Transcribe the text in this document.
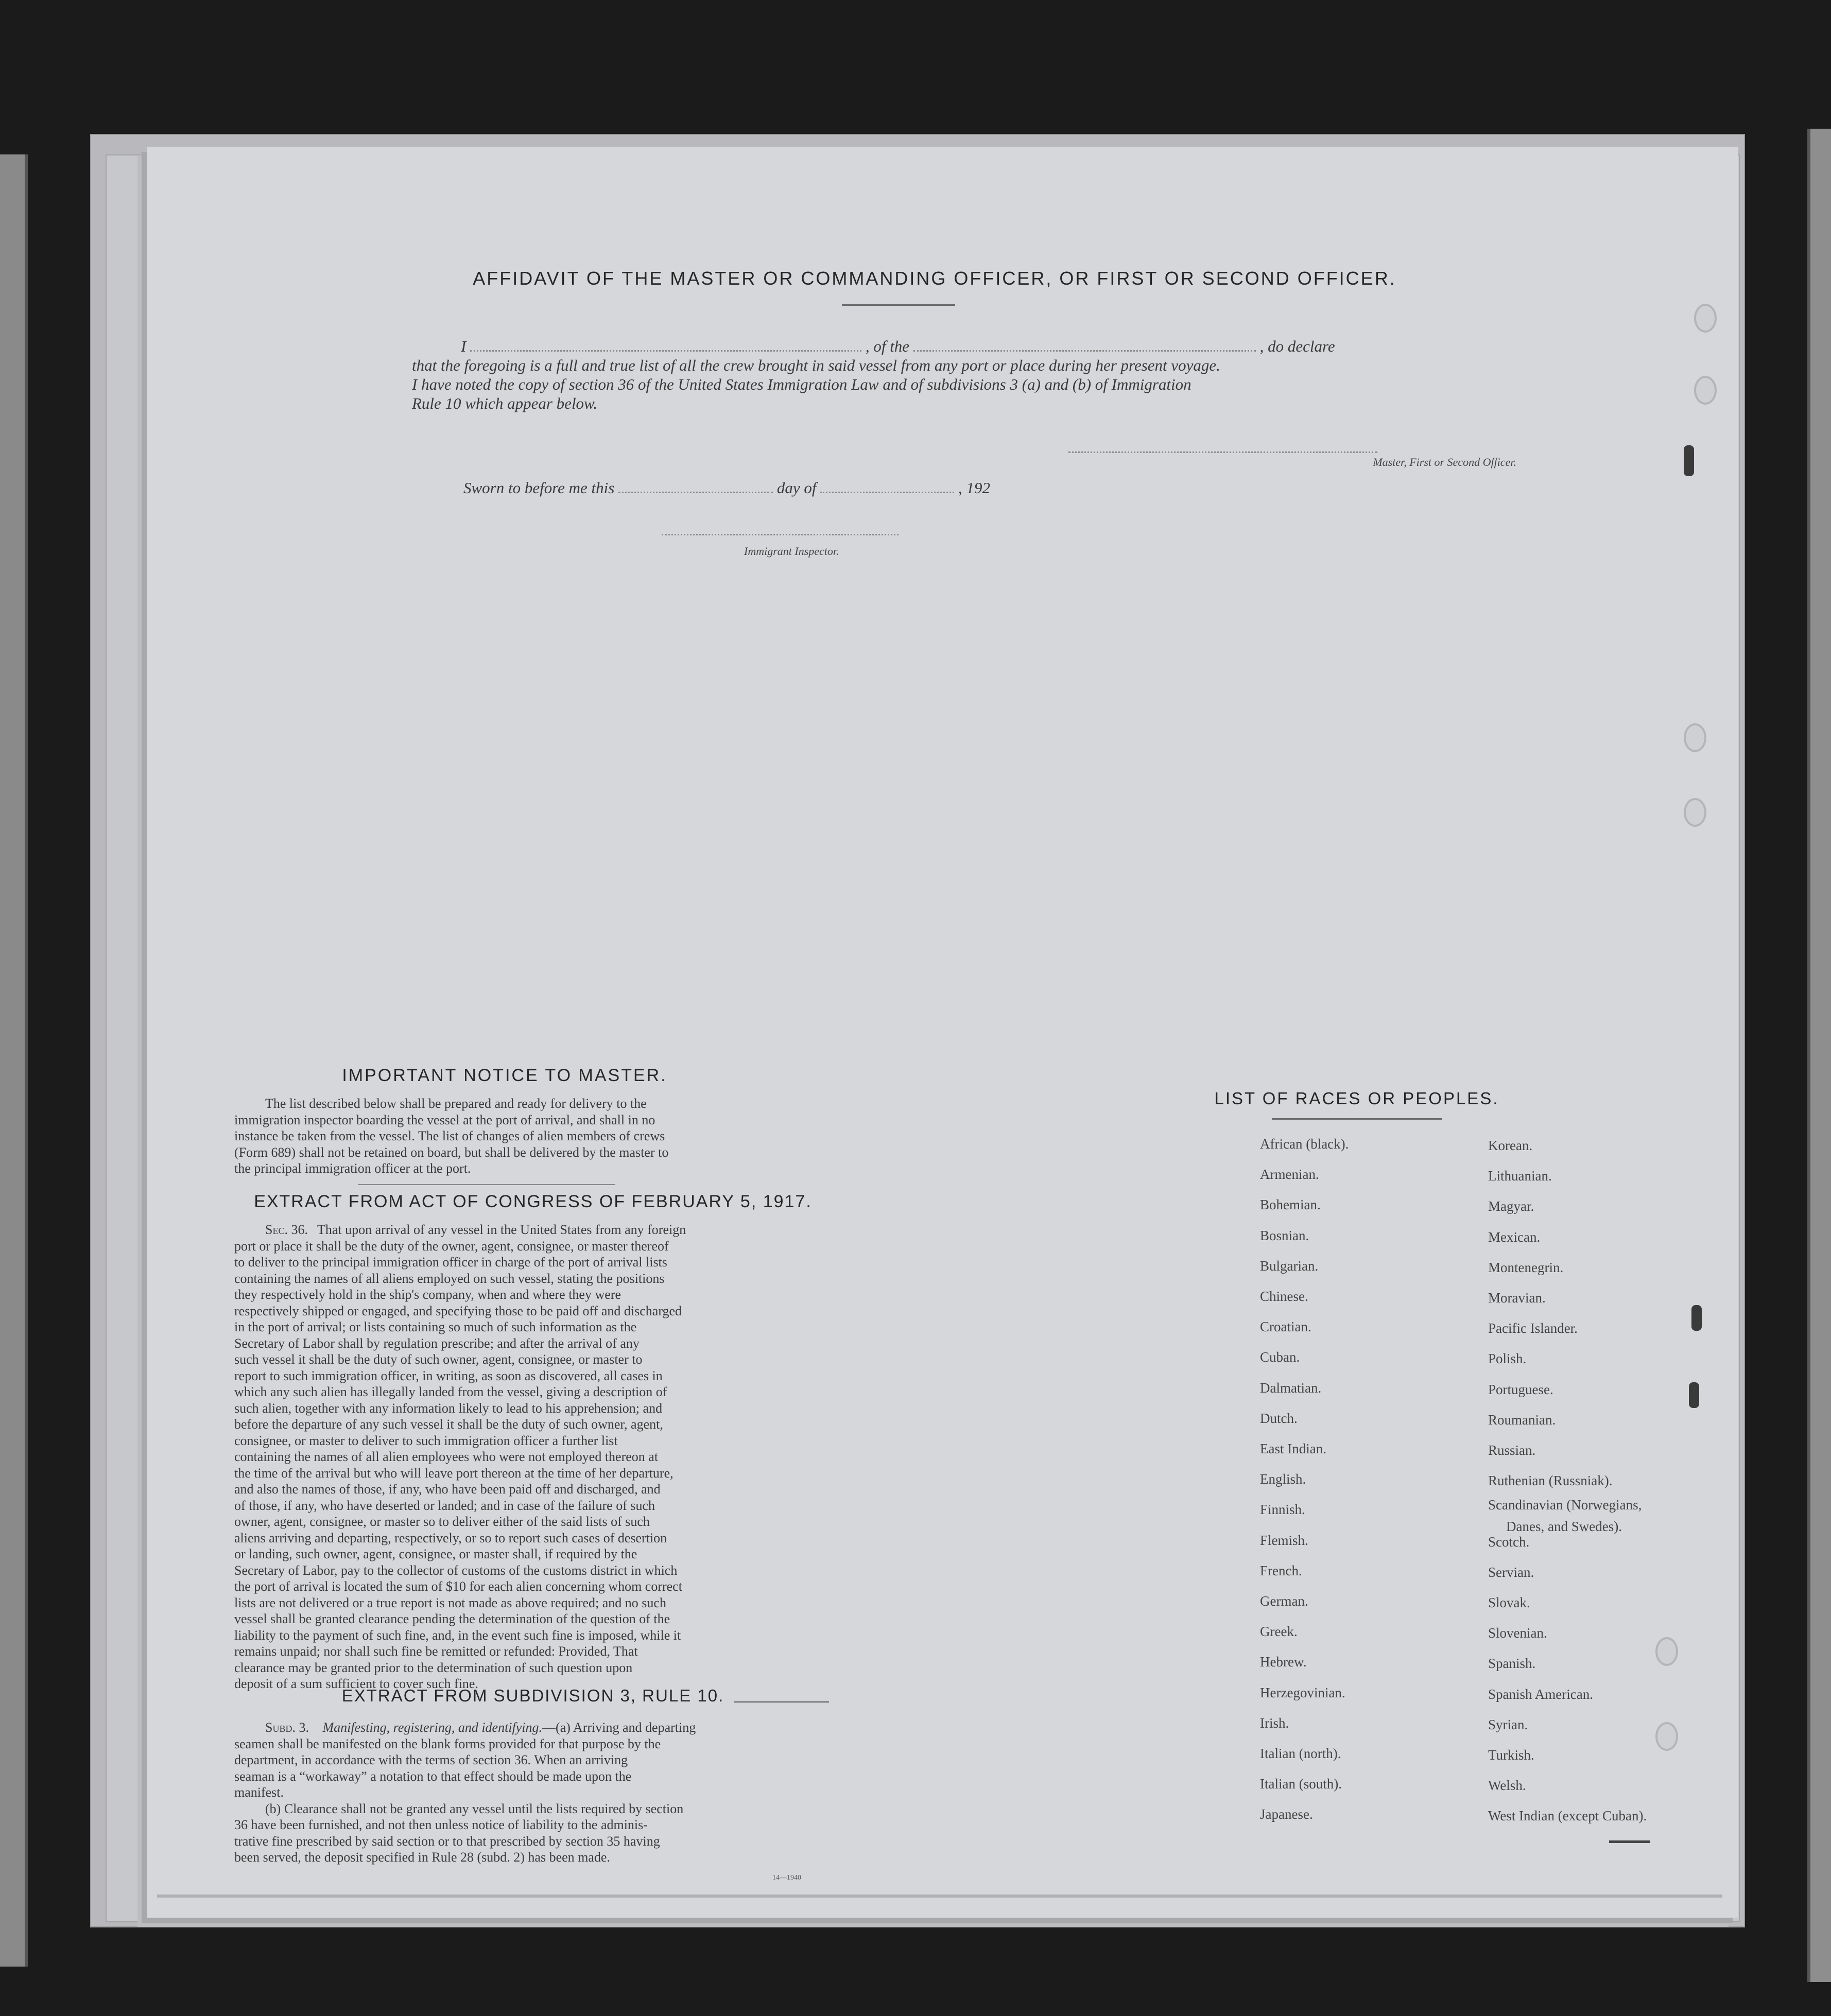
AFFIDAVIT OF THE MASTER OR COMMANDING OFFICER, OR FIRST OR SECOND OFFICER.
I	, of the	, do declare
that the foregoing is a full and true list of all the crew brought in said vessel from any port or place during her present voyage.
I have noted the copy of section 36 of the United States Immigration Law and of subdivisions 3 (a) and (b) of Immigration
Rule 10 which appear below.
Master, First or Second Officer.
Sworn to before me this	day of	, 192
Immigrant Inspector.
IMPORTANT NOTICE TO MASTER.
The list described below shall be prepared and ready for delivery to the
immigration inspector boarding the vessel at the port of arrival, and shall in no
instance be taken from the vessel. The list of changes of alien members of crews
(Form 689) shall not be retained on board, but shall be delivered by the master to
the principal immigration officer at the port.
EXTRACT FROM ACT OF CONGRESS OF FEBRUARY 5, 1917.
Sec. 36. That upon arrival of any vessel in the United States from any foreign
port or place it shall be the duty of the owner, agent, consignee, or master thereof
to deliver to the principal immigration officer in charge of the port of arrival lists
containing the names of all aliens employed on such vessel, stating the positions
they respectively hold in the ship's company, when and where they were
respectively shipped or engaged, and specifying those to be paid off and discharged
in the port of arrival; or lists containing so much of such information as the
Secretary of Labor shall by regulation prescribe; and after the arrival of any
such vessel it shall be the duty of such owner, agent, consignee, or master to
report to such immigration officer, in writing, as soon as discovered, all cases in
which any such alien has illegally landed from the vessel, giving a description of
such alien, together with any information likely to lead to his apprehension; and
before the departure of any such vessel it shall be the duty of such owner, agent,
consignee, or master to deliver to such immigration officer a further list
containing the names of all alien employees who were not employed thereon at
the time of the arrival but who will leave port thereon at the time of her departure,
and also the names of those, if any, who have been paid off and discharged, and
of those, if any, who have deserted or landed; and in case of the failure of such
owner, agent, consignee, or master so to deliver either of the said lists of such
aliens arriving and departing, respectively, or so to report such cases of desertion
or landing, such owner, agent, consignee, or master shall, if required by the
Secretary of Labor, pay to the collector of customs of the customs district in which
the port of arrival is located the sum of $10 for each alien concerning whom correct
lists are not delivered or a true report is not made as above required; and no such
vessel shall be granted clearance pending the determination of the question of the
liability to the payment of such fine, and, in the event such fine is imposed, while it
remains unpaid; nor shall such fine be remitted or refunded: Provided, That
clearance may be granted prior to the determination of such question upon
deposit of a sum sufficient to cover such fine.
EXTRACT FROM SUBDIVISION 3, RULE 10.
Subd. 3. Manifesting, registering, and identifying.—(a) Arriving and departing
seamen shall be manifested on the blank forms provided for that purpose by the
department, in accordance with the terms of section 36. When an arriving
seaman is a “workaway” a notation to that effect should be made upon the
manifest.
(b) Clearance shall not be granted any vessel until the lists required by section
36 have been furnished, and not then unless notice of liability to the adminis-
trative fine prescribed by said section or to that prescribed by section 35 having
been served, the deposit specified in Rule 28 (subd. 2) has been made.
14—1940
LIST OF RACES OR PEOPLES.
African (black).
Armenian.
Bohemian.
Bosnian.
Bulgarian.
Chinese.
Croatian.
Cuban.
Dalmatian.
Dutch.
East Indian.
English.
Finnish.
Flemish.
French.
German.
Greek.
Hebrew.
Herzegovinian.
Irish.
Italian (north).
Italian (south).
Japanese.
Korean.
Lithuanian.
Magyar.
Mexican.
Montenegrin.
Moravian.
Pacific Islander.
Polish.
Portuguese.
Roumanian.
Russian.
Ruthenian (Russniak).
Scandinavian (Norwegians,
Danes, and Swedes).
Scotch.
Servian.
Slovak.
Slovenian.
Spanish.
Spanish American.
Syrian.
Turkish.
Welsh.
West Indian (except Cuban).
